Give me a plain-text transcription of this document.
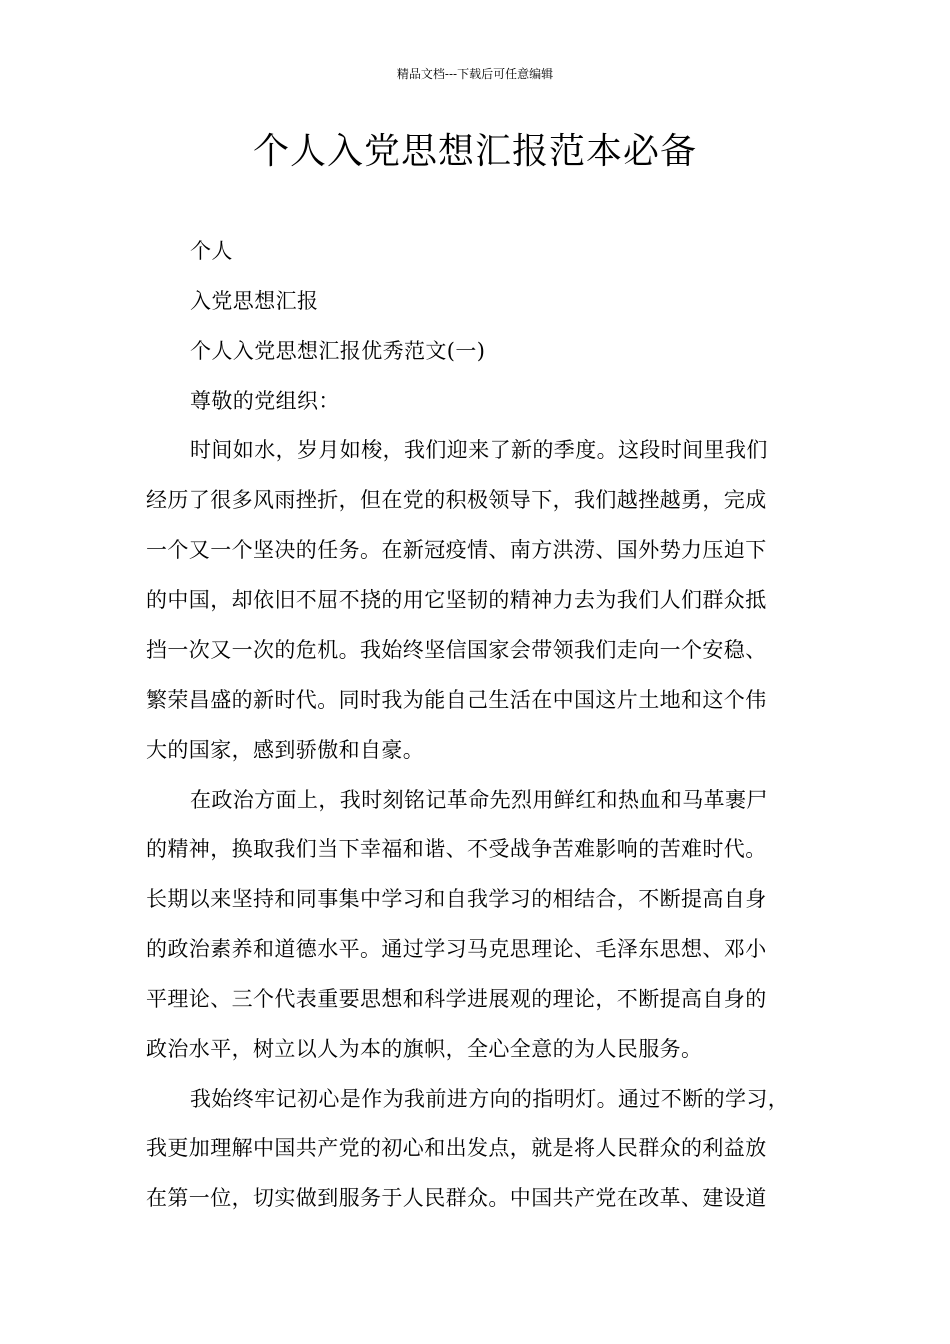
精品文档---下载后可任意编辑
个人入党思想汇报范本必备
个人
入党思想汇报
个人入党思想汇报优秀范文(一)
尊敬的党组织：
时间如水，岁月如梭，我们迎来了新的季度。这段时间里我们
经历了很多风雨挫折，但在党的积极领导下，我们越挫越勇，完成
一个又一个坚决的任务。在新冠疫情、南方洪涝、国外势力压迫下
的中国，却依旧不屈不挠的用它坚韧的精神力去为我们人们群众抵
挡一次又一次的危机。我始终坚信国家会带领我们走向一个安稳、
繁荣昌盛的新时代。同时我为能自己生活在中国这片土地和这个伟
大的国家，感到骄傲和自豪。
在政治方面上，我时刻铭记革命先烈用鲜红和热血和马革裹尸
的精神，换取我们当下幸福和谐、不受战争苦难影响的苦难时代。
长期以来坚持和同事集中学习和自我学习的相结合，不断提高自身
的政治素养和道德水平。通过学习马克思理论、毛泽东思想、邓小
平理论、三个代表重要思想和科学进展观的理论，不断提高自身的
政治水平，树立以人为本的旗帜，全心全意的为人民服务。
我始终牢记初心是作为我前进方向的指明灯。通过不断的学习，
我更加理解中国共产党的初心和出发点，就是将人民群众的利益放
在第一位，切实做到服务于人民群众。中国共产党在改革、建设道
